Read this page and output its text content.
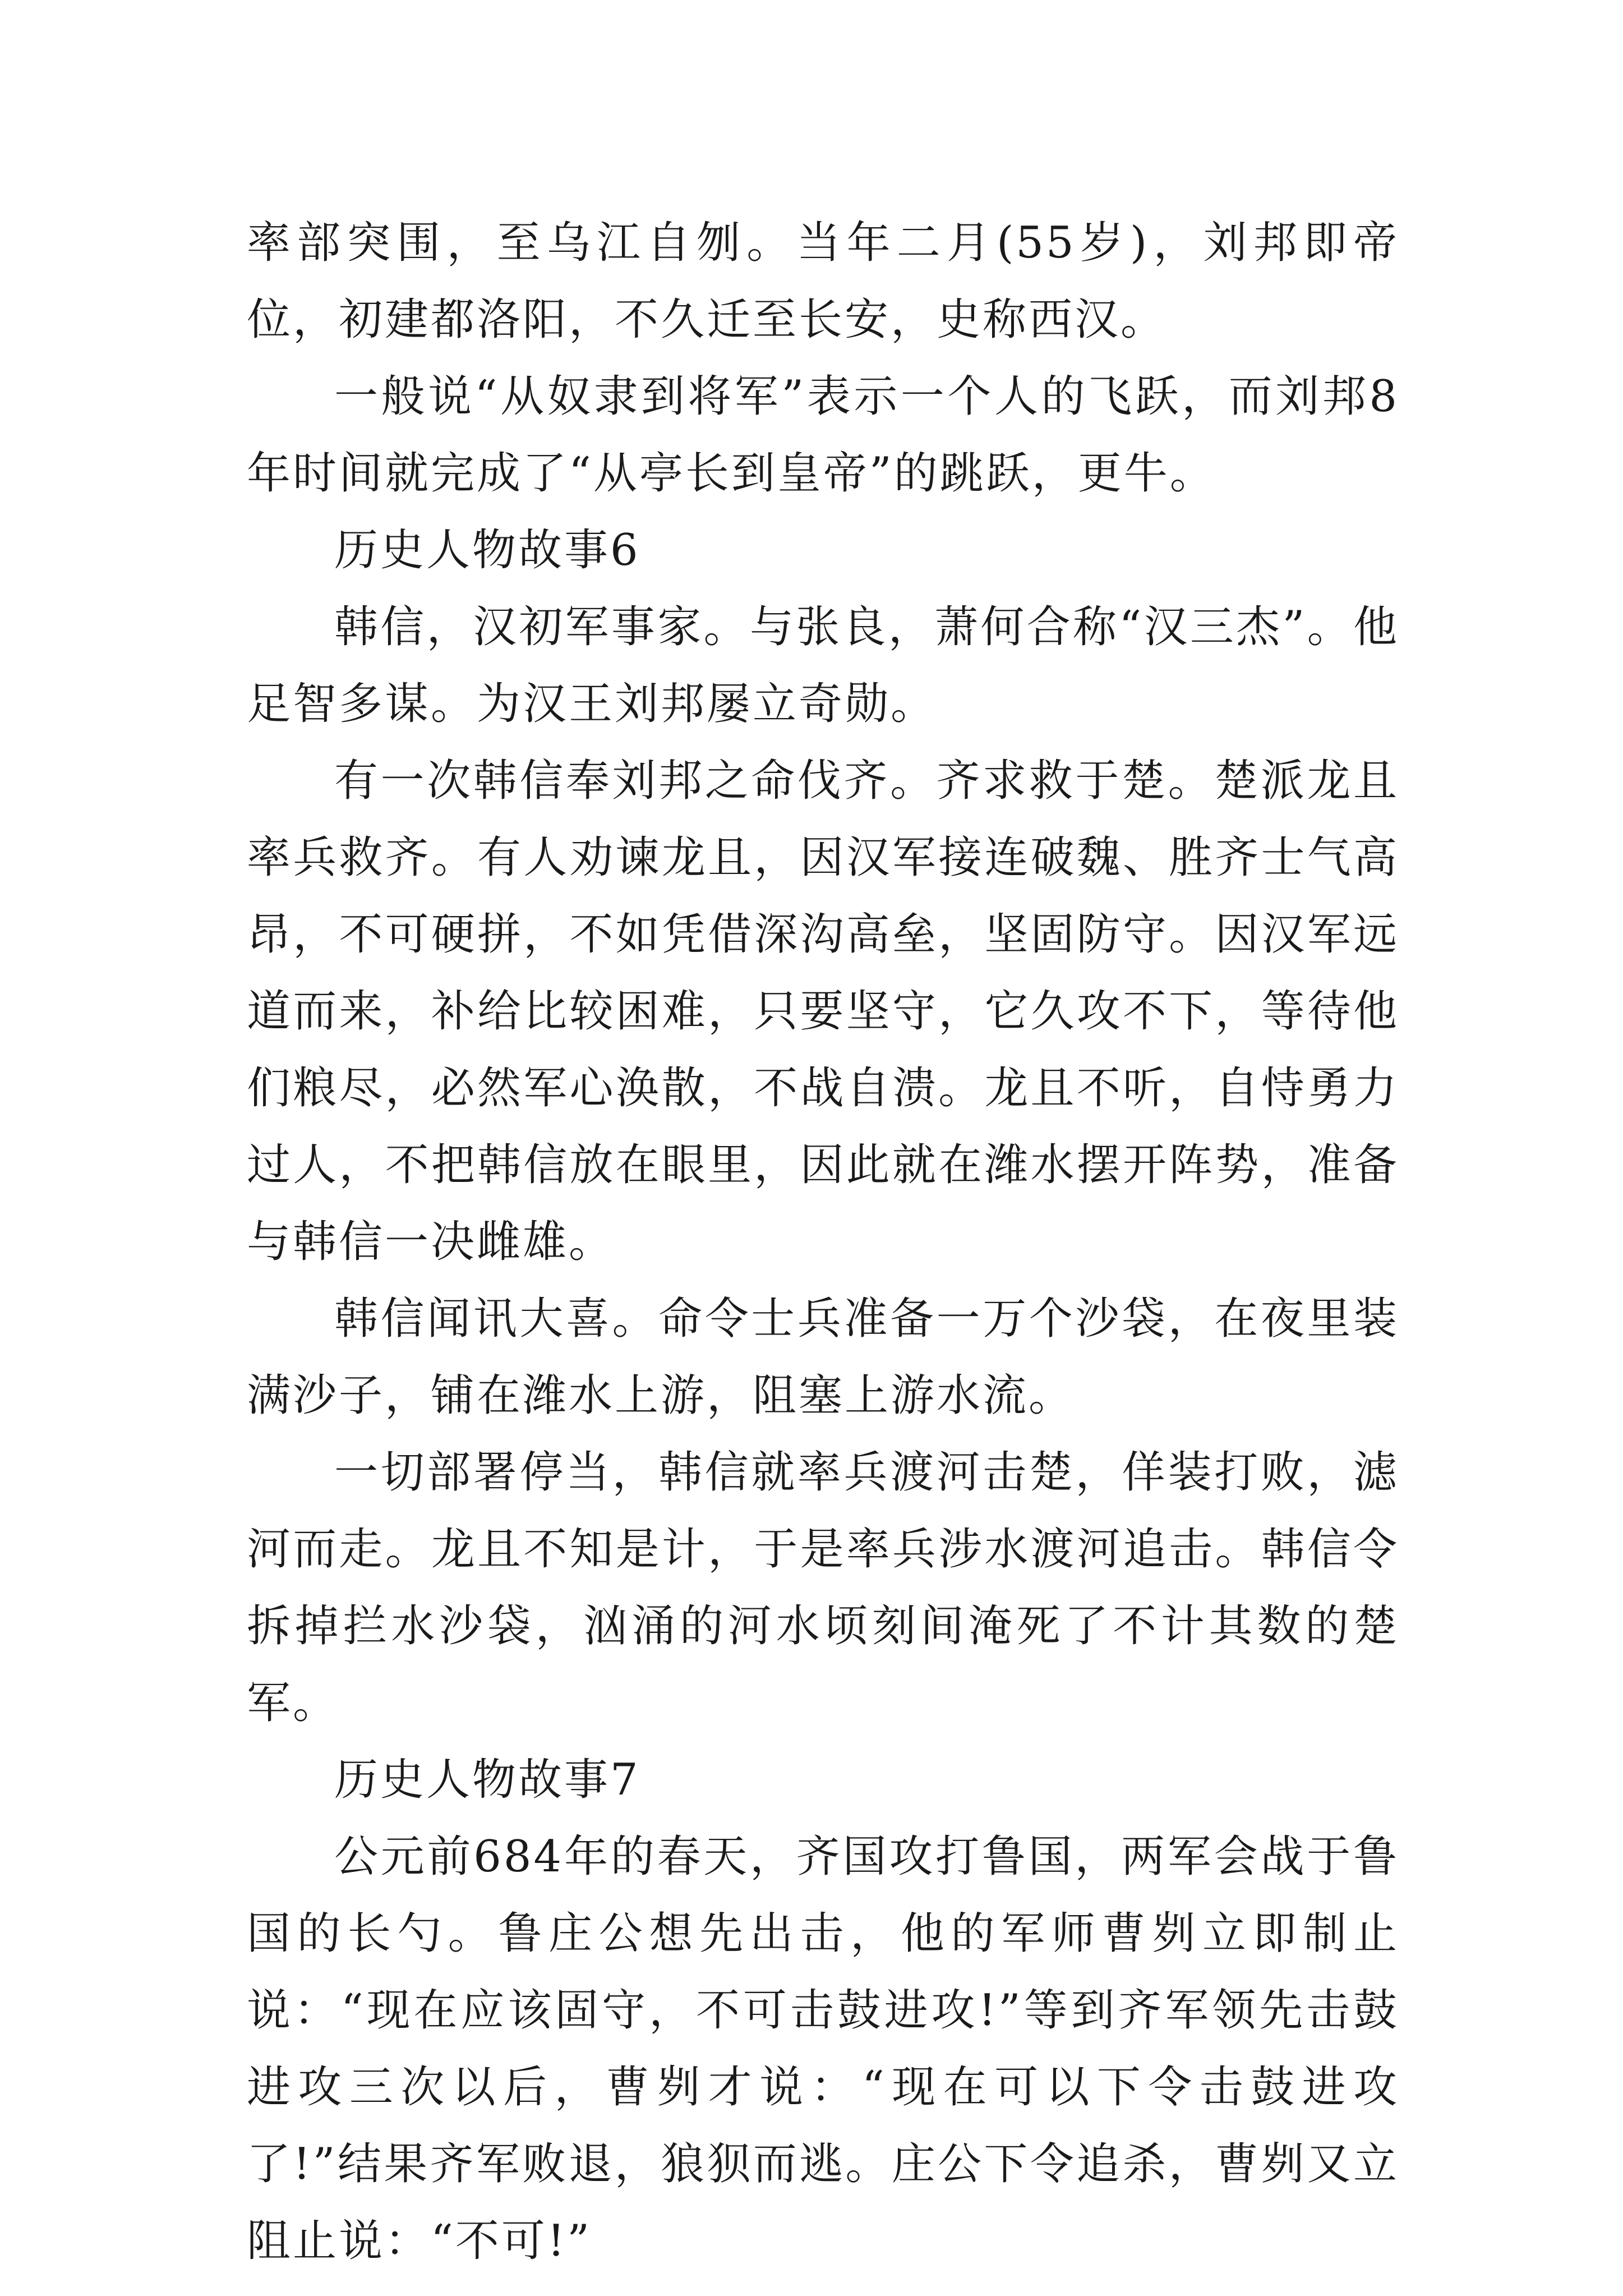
率部突围，至乌江自刎。当年二月(55岁)，刘邦即帝位，初建都洛阳，不久迁至长安，史称西汉。

一般说“从奴隶到将军”表示一个人的飞跃，而刘邦8年时间就完成了“从亭长到皇帝”的跳跃，更牛。

历史人物故事6

韩信，汉初军事家。与张良，萧何合称“汉三杰”。他足智多谋。为汉王刘邦屡立奇勋。

有一次韩信奉刘邦之命伐齐。齐求救于楚。楚派龙且率兵救齐。有人劝谏龙且，因汉军接连破魏、胜齐士气高昂，不可硬拼，不如凭借深沟高垒，坚固防守。因汉军远道而来，补给比较困难，只要坚守，它久攻不下，等待他们粮尽，必然军心涣散，不战自溃。龙且不听，自恃勇力过人，不把韩信放在眼里，因此就在潍水摆开阵势，准备与韩信一决雌雄。

韩信闻讯大喜。命令士兵准备一万个沙袋，在夜里装满沙子，铺在潍水上游，阻塞上游水流。

一切部署停当，韩信就率兵渡河击楚，佯装打败，滤河而走。龙且不知是计，于是率兵涉水渡河追击。韩信令拆掉拦水沙袋，汹涌的河水顷刻间淹死了不计其数的楚军。

历史人物故事7

公元前684年的春天，齐国攻打鲁国，两军会战于鲁国的长勺。鲁庄公想先出击，他的军师曹刿立即制止说：“现在应该固守，不可击鼓进攻!”等到齐军领先击鼓进攻三次以后，曹刿才说：“现在可以下令击鼓进攻了!”结果齐军败退，狼狈而逃。庄公下令追杀，曹刿又立阻止说：“不可!”
